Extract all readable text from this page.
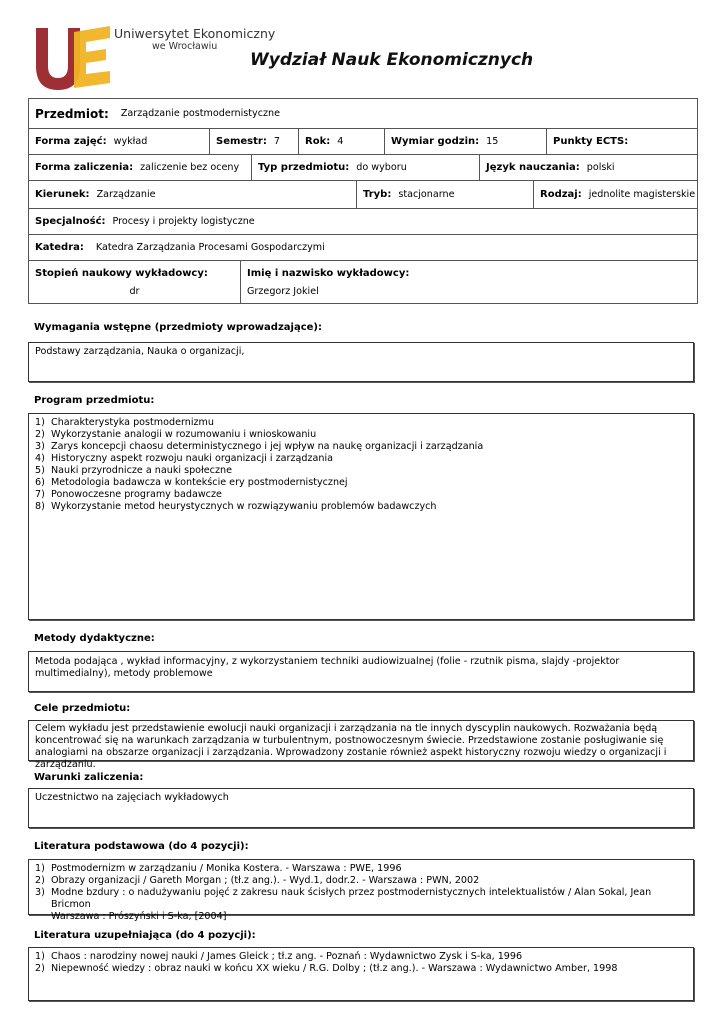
Uniwersytet Ekonomiczny
we Wrocławiu
Wydział Nauk Ekonomicznych
Przedmiot: Zarządzanie postmodernistyczne
Forma zajęć: wykład	Semestr: 7	Rok: 4	Wymiar godzin: 15	Punkty ECTS:
Forma zaliczenia: zaliczenie bez oceny Typ przedmiotu: do wyboru	Język nauczania: polski
Kierunek: Zarządzanie	Tryb: stacjonarne	Rodzaj: jednolite magisterskie
Specjalność: Procesy i projekty logistyczne
Katedra: Katedra Zarządzania Procesami Gospodarczymi
Stopień naukowy wykładowcy:
dr
Imię i nazwisko wykładowcy:
Grzegorz Jokiel
Wymagania wstępne (przedmioty wprowadzające):
Podstawy zarządzania, Nauka o organizacji,
Program przedmiotu:
1) Charakterystyka postmodernizmu
2) Wykorzystanie analogii w rozumowaniu i wnioskowaniu
3) Zarys koncepcji chaosu deterministycznego i jej wpływ na naukę organizacji i zarządzania
4) Historyczny aspekt rozwoju nauki organizacji i zarządzania
5) Nauki przyrodnicze a nauki społeczne
6) Metodologia badawcza w kontekście ery postmodernistycznej
7) Ponowoczesne programy badawcze
8) Wykorzystanie metod heurystycznych w rozwiązywaniu problemów badawczych
Metody dydaktyczne:
Metoda podająca , wykład informacyjny, z wykorzystaniem techniki audiowizualnej (folie - rzutnik pisma, slajdy -projektor multimedialny), metody problemowe
Cele przedmiotu:
Celem wykładu jest przedstawienie ewolucji nauki organizacji i zarządzania na tle innych dyscyplin naukowych. Rozważania będą koncentrować się na warunkach zarządzania w turbulentnym, postnowoczesnym świecie. Przedstawione zostanie posługiwanie się analogiami na obszarze organizacji i zarządzania. Wprowadzony zostanie również aspekt historyczny rozwoju wiedzy o organizacji i zarządzaniu.
Warunki zaliczenia:
Uczestnictwo na zajęciach wykładowych
Literatura podstawowa (do 4 pozycji):
1) Postmodernizm w zarządzaniu / Monika Kostera. - Warszawa : PWE, 1996
2) Obrazy organizacji / Gareth Morgan ; (tł.z ang.). - Wyd.1, dodr.2. - Warszawa : PWN, 2002
3) Modne bzdury : o nadużywaniu pojęć z zakresu nauk ścisłych przez postmodernistycznych intelektualistów / Alan Sokal, Jean Bricmon
Warszawa : Prószyński i S-ka, [2004]
Literatura uzupełniająca (do 4 pozycji):
1) Chaos : narodziny nowej nauki / James Gleick ; tł.z ang. - Poznań : Wydawnictwo Zysk i S-ka, 1996
2) Niepewność wiedzy : obraz nauki w końcu XX wieku / R.G. Dolby ; (tł.z ang.). - Warszawa : Wydawnictwo Amber, 1998
